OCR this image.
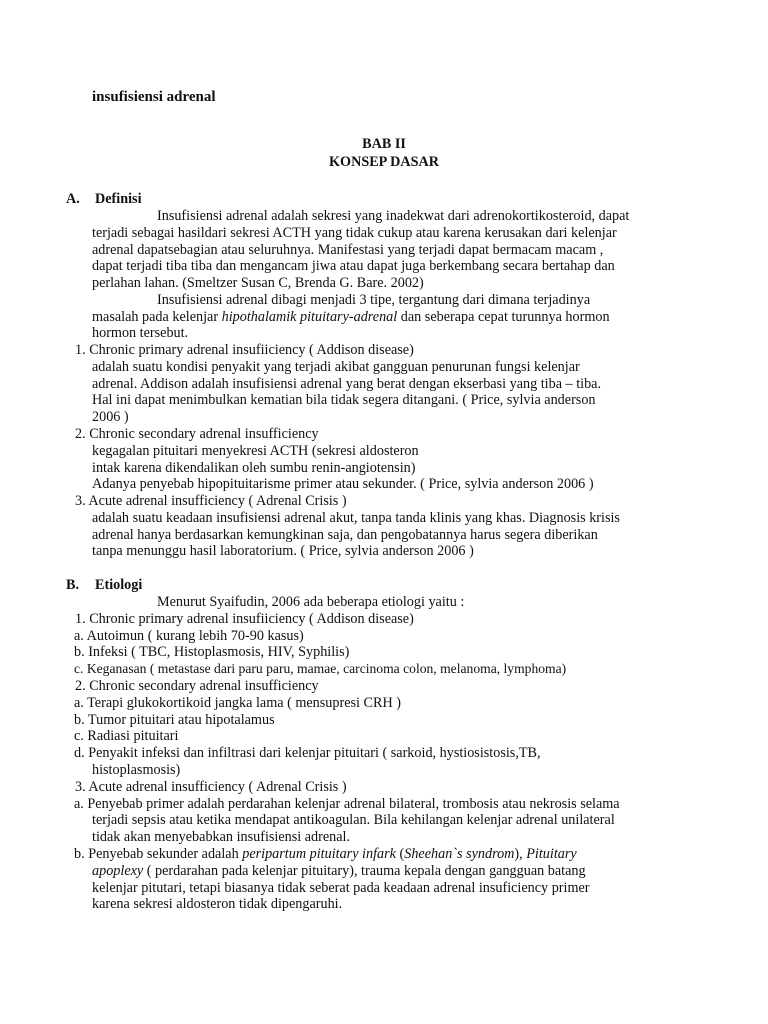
insufisiensi adrenal
BAB II
KONSEP DASAR
A. Definisi
Insufisiensi adrenal adalah sekresi yang inadekwat dari adrenokortikosteroid, dapat
terjadi sebagai hasildari sekresi ACTH yang tidak cukup atau karena kerusakan dari kelenjar
adrenal dapatsebagian atau seluruhnya. Manifestasi yang terjadi dapat bermacam macam ,
dapat terjadi tiba tiba dan mengancam jiwa atau dapat juga berkembang secara bertahap dan
perlahan lahan. (Smeltzer Susan C, Brenda G. Bare. 2002)
Insufisiensi adrenal dibagi menjadi 3 tipe, tergantung dari dimana terjadinya
masalah pada kelenjar hipothalamik pituitary-adrenal dan seberapa cepat turunnya hormon
hormon tersebut.
1. Chronic primary adrenal insufiiciency ( Addison disease)
adalah suatu kondisi penyakit yang terjadi akibat gangguan penurunan fungsi kelenjar
adrenal. Addison adalah insufisiensi adrenal yang berat dengan ekserbasi yang tiba – tiba.
Hal ini dapat menimbulkan kematian bila tidak segera ditangani. ( Price, sylvia anderson
2006 )
2. Chronic secondary adrenal insufficiency
kegagalan pituitari menyekresi ACTH (sekresi aldosteron
intak karena dikendalikan oleh sumbu renin-angiotensin)
Adanya penyebab hipopituitarisme primer atau sekunder. ( Price, sylvia anderson 2006 )
3. Acute adrenal insufficiency ( Adrenal Crisis )
adalah suatu keadaan insufisiensi adrenal akut, tanpa tanda klinis yang khas. Diagnosis krisis
adrenal hanya berdasarkan kemungkinan saja, dan pengobatannya harus segera diberikan
tanpa menunggu hasil laboratorium. ( Price, sylvia anderson 2006 )
B. Etiologi
Menurut Syaifudin, 2006 ada beberapa etiologi yaitu :
1. Chronic primary adrenal insufiiciency ( Addison disease)
a. Autoimun ( kurang lebih 70-90 kasus)
b. Infeksi ( TBC, Histoplasmosis, HIV, Syphilis)
c. Keganasan ( metastase dari paru paru, mamae, carcinoma colon, melanoma, lymphoma)
2. Chronic secondary adrenal insufficiency
a. Terapi glukokortikoid jangka lama ( mensupresi CRH )
b. Tumor pituitari atau hipotalamus
c. Radiasi pituitari
d. Penyakit infeksi dan infiltrasi dari kelenjar pituitari ( sarkoid, hystiosistosis,TB,
histoplasmosis)
3. Acute adrenal insufficiency ( Adrenal Crisis )
a. Penyebab primer adalah perdarahan kelenjar adrenal bilateral, trombosis atau nekrosis selama
terjadi sepsis atau ketika mendapat antikoagulan. Bila kehilangan kelenjar adrenal unilateral
tidak akan menyebabkan insufisiensi adrenal.
b. Penyebab sekunder adalah peripartum pituitary infark (Sheehan`s syndrom), Pituitary
apoplexy ( perdarahan pada kelenjar pituitary), trauma kepala dengan gangguan batang
kelenjar pitutari, tetapi biasanya tidak seberat pada keadaan adrenal insuficiency primer
karena sekresi aldosteron tidak dipengaruhi.
